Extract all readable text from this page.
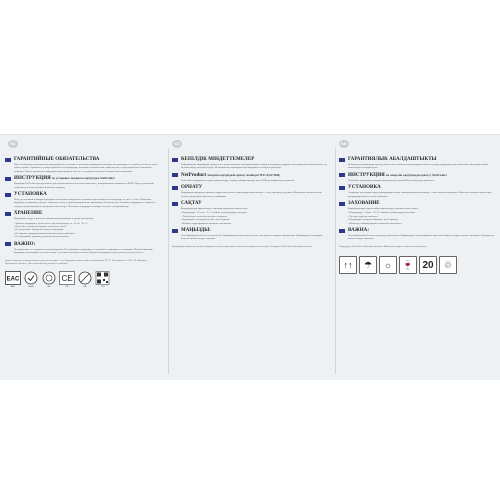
RU	KZ	KG
ГАРАНТИЙНЫЕ ОБЯЗАТЕЛЬСТВА

При соблюдении пользователем инструкций по установке и хранению картриджа изготовитель гарантирует его работу в течение всего срока службы. Гарантия не распространяется на картриджи, имеющие механические повреждения, следы вскрытия и повторной заправки. Замена дефектного картриджа производится в месте его приобретения при наличии чека и упаковки.

ИНСТРУКЦИЯпо установке лазерного картриджа NetProduct

Картридж NetProduct предназначен для использования в лазерных принтерах, копировальных аппаратах и МФУ. Перед установкой ознакомьтесь с инструкцией к вашему аппарату.

УСТАНОВКА

Перед установкой в аппарат картридж необходимо выдержать в упаковке при комнатной температуре не менее 1 часа. Извлеките картридж из упаковки, удалите защитную ленту и транспортировочные фиксаторы. Несколько раз покачайте картридж из стороны в сторону для равномерного распределения тонера. Установите картридж в аппарат согласно его руководству.

ХРАНЕНИЕ

Картриджи следует хранить в оригинальной упаковке в сухом помещении.

• Храните картридж в сухом месте при температуре от +10 до +35 °C
• Избегайте попадания прямых солнечных лучей
• Не допускайте попадания влаги на картридж
• Не храните картридж вблизи нагревательных приборов
• Не вскрывайте упаковку до начала использования
ВАЖНО:

Не прикасайтесь к поверхности фотобарабана. Не разбирайте картридж и не пытайтесь заправить его повторно. Использованный картридж утилизируйте в соответствии с местным законодательством. Храните картридж в недоступном для детей месте.

Данное изделие не предназначено для детей младше 3 лет. Картридж соответствует требованиям ТР ТС. Изготовитель: ООО «НетПродакт». Произведено в Китае. Дата изготовления указана на упаковке.

EAC
EAC	RoHS	ISO
CE
CE	PB	RU
КЕПІЛДІК МІНДЕТТЕМЕЛЕР

Пайдаланушы картриджді орнату және сақтау жөніндегі нұсқаулықтарды сақтаған жағдайда өндіруші оның жұмысына бүкіл қызмет ету мерзімі ішінде кепілдік береді. Механикалық зақымдары бар картриджге кепілдік берілмейді.

NetProductлазерлік картриджін орнату жөніндегі НҰСҚАУЛЫҚ

NetProduct картриджі лазерлік принтерлерде, көшіру аппараттарында және КФҚ-да пайдалануға арналған.

ОРНАТУ

Картриджді аппаратқа орнатпас бұрын оны бөлме температурасында кемінде 1 сағат орамда ұстау қажет. Қорғаныш таспасын алып тастап, картриджді бірнеше рет шайқаңыз.

САҚТАУ

Картридждерді құрғақ жерде түпнұсқа орамында сақтау керек.

• Картриджді +10-нан +35 °C дейінгі температурада сақтаңыз
• Тікелей күн сәулесінің түсуінен сақтаңыз
• Картриджге ылғалдың түсуіне жол бермеңіз
• Жылыту құралдарының жанында сақтамаңыз
МАҢЫЗДЫ:

Фотобарабанның бетіне қол тигізбеңіз. Картриджді бөлшектемеңіз және оны қайта толтыруға тырыспаңыз. Картриджді балалардың қолы жетпейтін жерде сақтаңыз.

Картриджді пайдалану мерзімі өндірушінің сақтау шарттарын сақтаған жағдайда шектелмейді. Өндіруші: NetProduct. Қытайда жасалған.

ГАРАНТИЯЛЫК АБАЛДАШТЫКТЫ

Колдонуучу картриджди орнотуу жана сактоо боюнча нускамаларды сактаган учурда өндүрүүчү анын иштешине бүтүндөй кызмат мөөнөтүндө кепилдик берет.

ИНСТРУКЦИЯна лазерлик картриджди орнотуу NetProduct

NetProduct картриджи лазердик принтерлерде жана КФТда колдонууга арналган.

УСТАНОВКА

Аппаратка орнотуудан мурун картриджди бөлмө температурасында кеминде 1 саат таңгакта кармаңыз. Коргоочу тасманы алып салып, картриджди бир нече жолу чайкаңыз.

ЗАХОВАНИЕ

Картридждерди кургак жайда оригиналдуу таңгакта сактоо керек.

• Картриджди +10дон +35 °C чейинки температурада сактаңыз
• Түз күн нурунан сактаңыз
• Картриджге нымдын тийишине жол бербеңиз
• Жылытуу шаймандарынын жанында сактабаңыз
ВАЖНА:

Фотобарабандын бетине колуңузду тийгизбеңиз. Картриджди бөлүп-жарбаңыз жана аны кайра толтурууга аракет кылбаңыз. Балдар жете албаган жерде сактаңыз.

Өндүрүүчү: NetProduct. Кытайда жасалган. Ишкананын дареги таңгакта көрсөтүлгөн.

↑↑	☂	☼	🍷 20	♲
